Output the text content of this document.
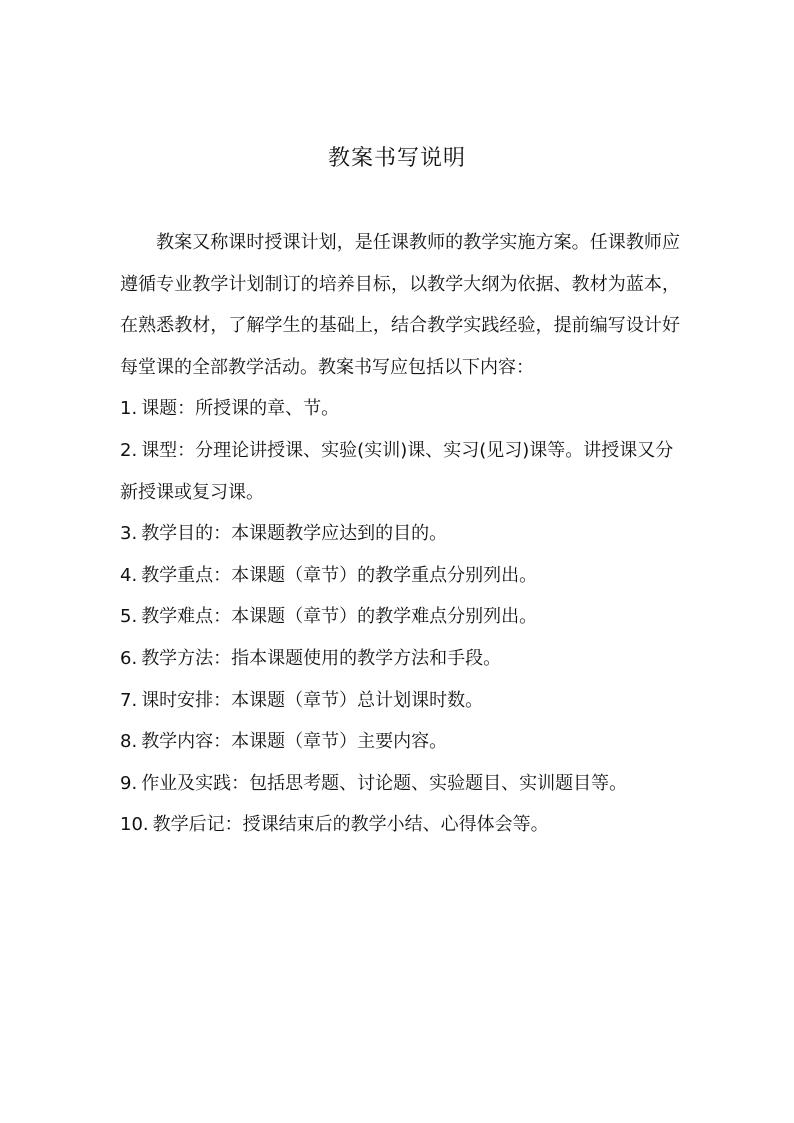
教案书写说明

教案又称课时授课计划，是任课教师的教学实施方案。任课教师应遵循专业教学计划制订的培养目标，以教学大纲为依据、教材为蓝本，在熟悉教材，了解学生的基础上，结合教学实践经验，提前编写设计好每堂课的全部教学活动。教案书写应包括以下内容：

1. 课题：所授课的章、节。
2. 课型：分理论讲授课、实验(实训)课、实习(见习)课等。讲授课又分新授课或复习课。
3. 教学目的：本课题教学应达到的目的。
4. 教学重点：本课题（章节）的教学重点分别列出。
5. 教学难点：本课题（章节）的教学难点分别列出。
6. 教学方法：指本课题使用的教学方法和手段。
7. 课时安排：本课题（章节）总计划课时数。
8. 教学内容：本课题（章节）主要内容。
9. 作业及实践：包括思考题、讨论题、实验题目、实训题目等。
10. 教学后记：授课结束后的教学小结、心得体会等。
